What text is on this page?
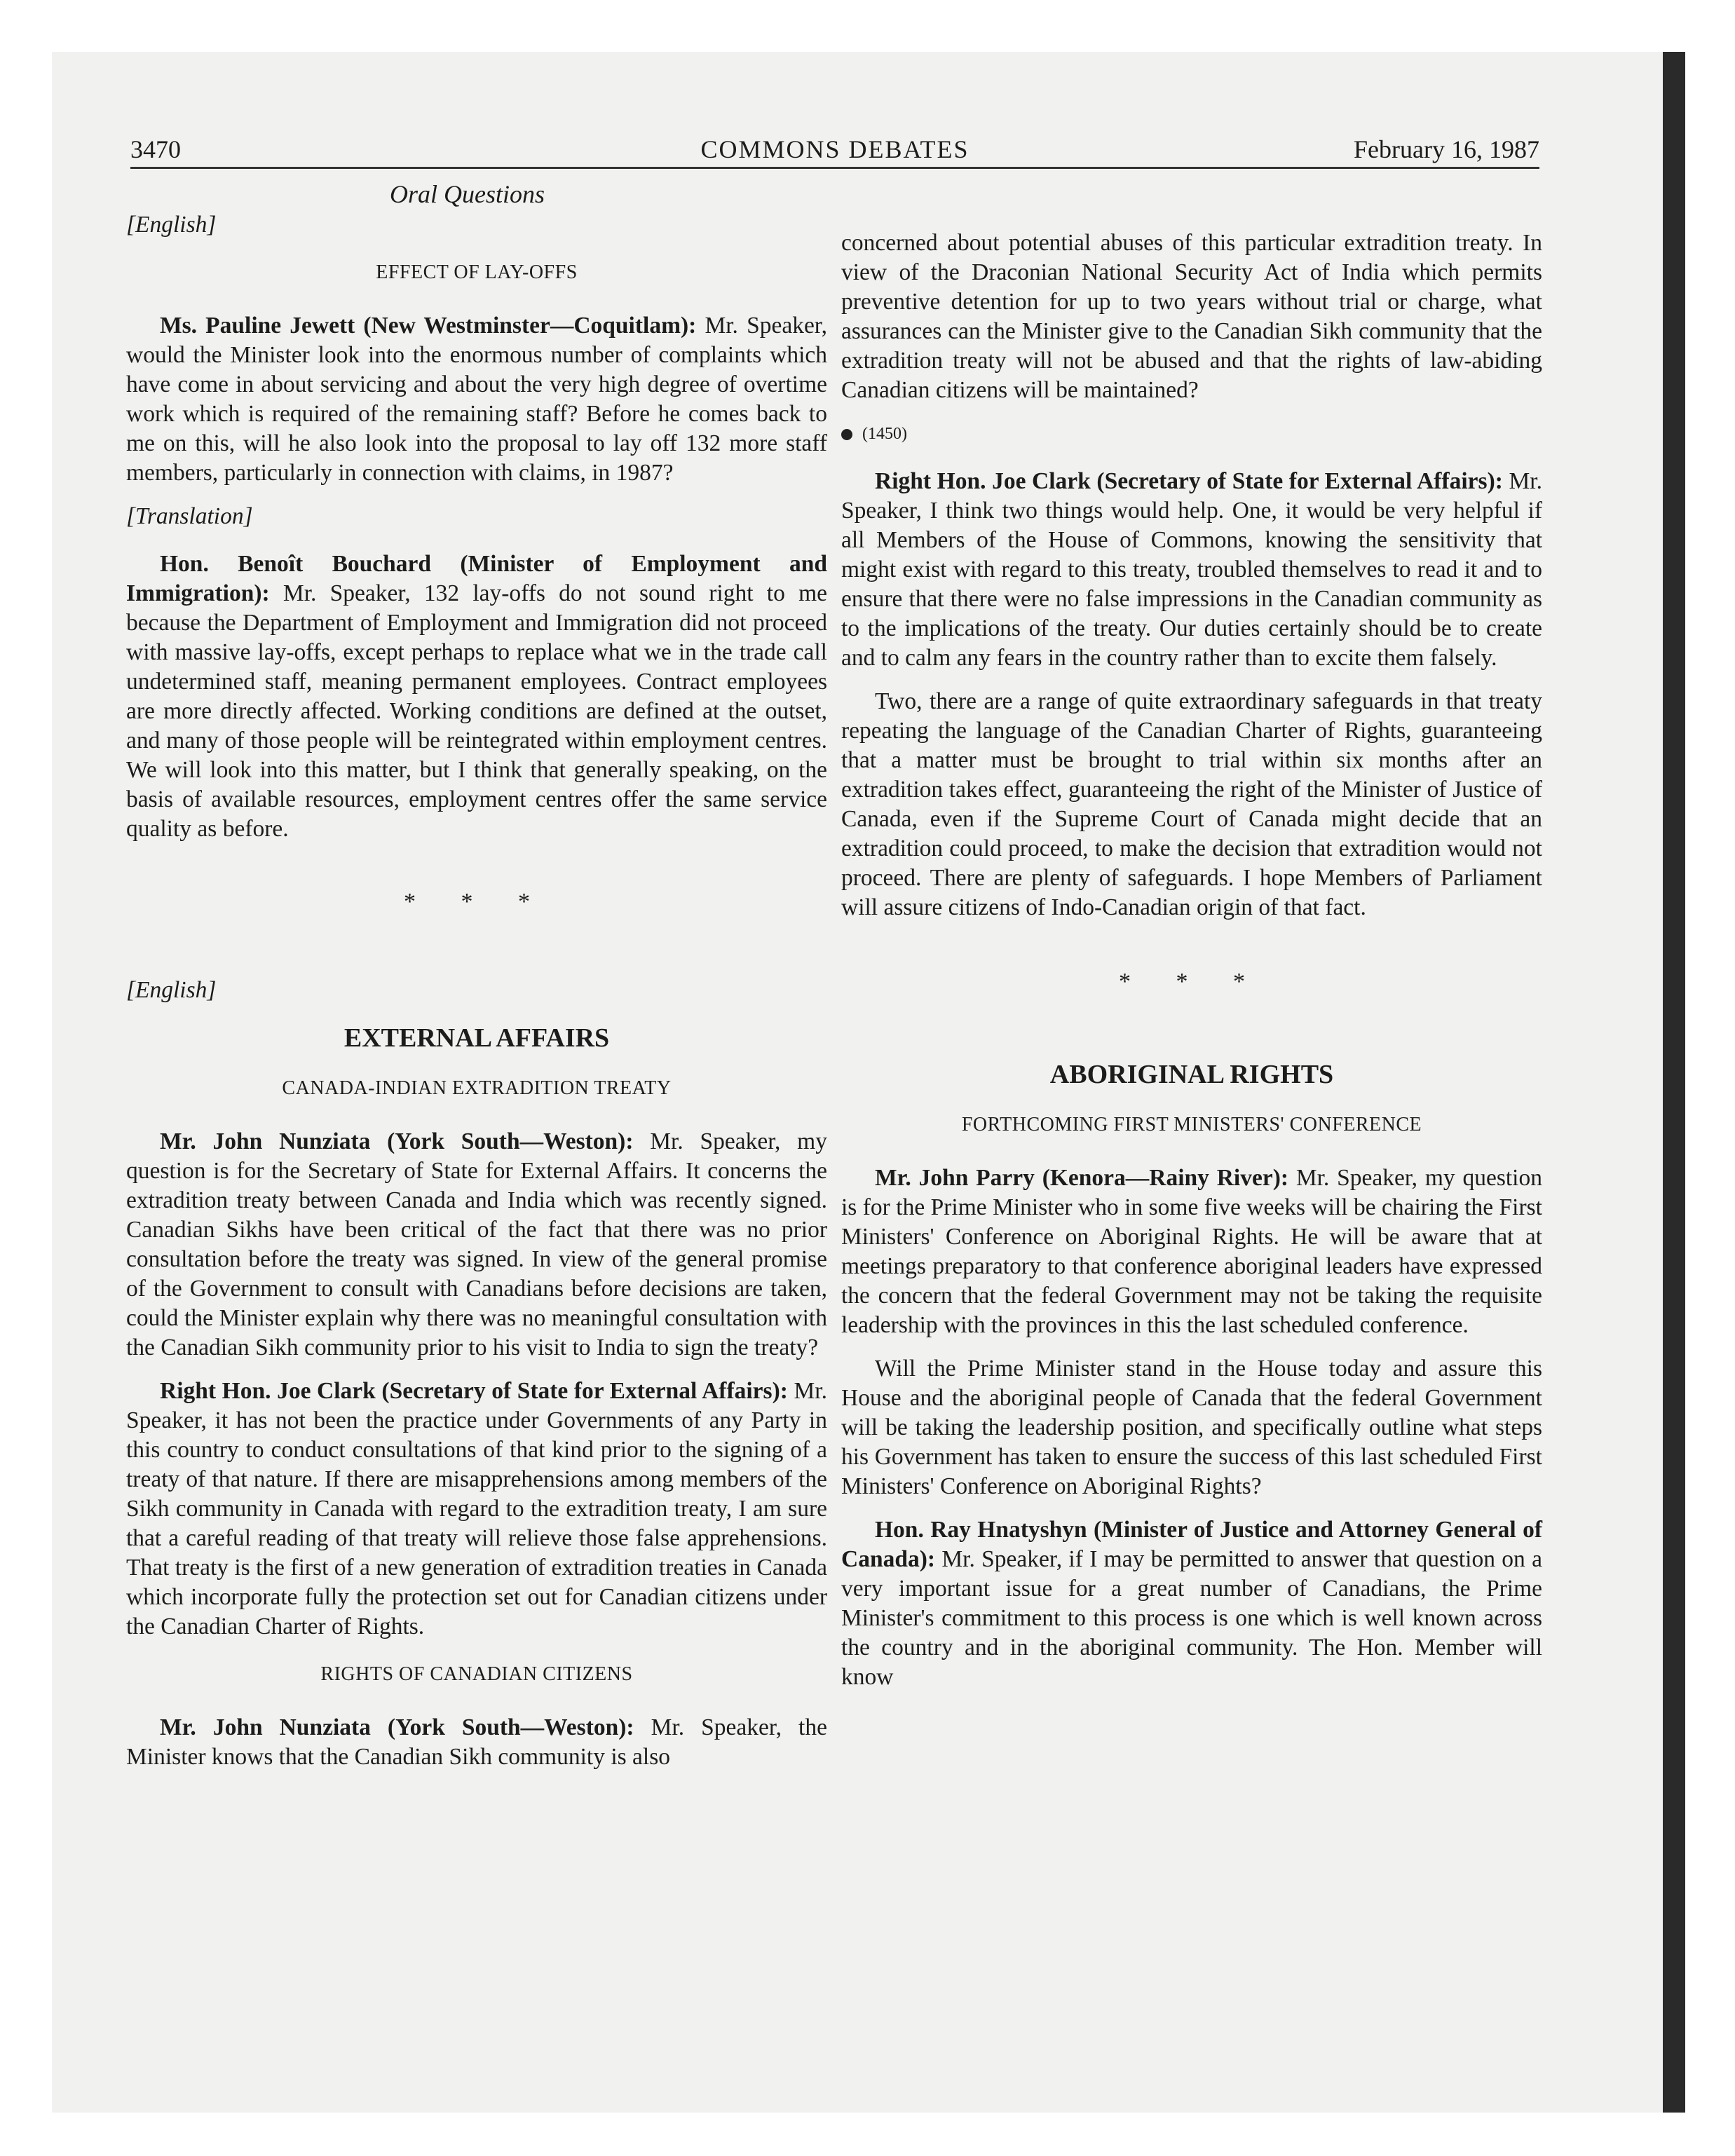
3470	COMMONS DEBATES	February 16, 1987
Oral Questions

[English]

EFFECT OF LAY-OFFS

Ms. Pauline Jewett (New Westminster—Coquitlam): Mr. Speaker, would the Minister look into the enormous number of complaints which have come in about servicing and about the very high degree of overtime work which is required of the remaining staff? Before he comes back to me on this, will he also look into the proposal to lay off 132 more staff members, particularly in connection with claims, in 1987?

[Translation]

Hon. Benoît Bouchard (Minister of Employment and Immigration): Mr. Speaker, 132 lay-offs do not sound right to me because the Department of Employment and Immigration did not proceed with massive lay-offs, except perhaps to replace what we in the trade call undetermined staff, meaning permanent employees. Contract employees are more directly affected. Working conditions are defined at the outset, and many of those people will be reintegrated within employment centres. We will look into this matter, but I think that generally speaking, on the basis of available resources, employment centres offer the same service quality as before.

* * *

[English]

EXTERNAL AFFAIRS

CANADA-INDIAN EXTRADITION TREATY

Mr. John Nunziata (York South—Weston): Mr. Speaker, my question is for the Secretary of State for External Affairs. It concerns the extradition treaty between Canada and India which was recently signed. Canadian Sikhs have been critical of the fact that there was no prior consultation before the treaty was signed. In view of the general promise of the Government to consult with Canadians before decisions are taken, could the Minister explain why there was no meaningful consultation with the Canadian Sikh community prior to his visit to India to sign the treaty?

Right Hon. Joe Clark (Secretary of State for External Affairs): Mr. Speaker, it has not been the practice under Governments of any Party in this country to conduct consultations of that kind prior to the signing of a treaty of that nature. If there are misapprehensions among members of the Sikh community in Canada with regard to the extradition treaty, I am sure that a careful reading of that treaty will relieve those false apprehensions. That treaty is the first of a new generation of extradition treaties in Canada which incorporate fully the protection set out for Canadian citizens under the Canadian Charter of Rights.

RIGHTS OF CANADIAN CITIZENS

Mr. John Nunziata (York South—Weston): Mr. Speaker, the Minister knows that the Canadian Sikh community is also

concerned about potential abuses of this particular extradition treaty. In view of the Draconian National Security Act of India which permits preventive detention for up to two years without trial or charge, what assurances can the Minister give to the Canadian Sikh community that the extradition treaty will not be abused and that the rights of law-abiding Canadian citizens will be maintained?

(1450)

Right Hon. Joe Clark (Secretary of State for External Affairs): Mr. Speaker, I think two things would help. One, it would be very helpful if all Members of the House of Commons, knowing the sensitivity that might exist with regard to this treaty, troubled themselves to read it and to ensure that there were no false impressions in the Canadian community as to the implications of the treaty. Our duties certainly should be to create and to calm any fears in the country rather than to excite them falsely.

Two, there are a range of quite extraordinary safeguards in that treaty repeating the language of the Canadian Charter of Rights, guaranteeing that a matter must be brought to trial within six months after an extradition takes effect, guaranteeing the right of the Minister of Justice of Canada, even if the Supreme Court of Canada might decide that an extradition could proceed, to make the decision that extradition would not proceed. There are plenty of safeguards. I hope Members of Parliament will assure citizens of Indo-Canadian origin of that fact.

* * *

ABORIGINAL RIGHTS

FORTHCOMING FIRST MINISTERS' CONFERENCE

Mr. John Parry (Kenora—Rainy River): Mr. Speaker, my question is for the Prime Minister who in some five weeks will be chairing the First Ministers' Conference on Aboriginal Rights. He will be aware that at meetings preparatory to that conference aboriginal leaders have expressed the concern that the federal Government may not be taking the requisite leadership with the provinces in this the last scheduled conference.

Will the Prime Minister stand in the House today and assure this House and the aboriginal people of Canada that the federal Government will be taking the leadership position, and specifically outline what steps his Government has taken to ensure the success of this last scheduled First Ministers' Conference on Aboriginal Rights?

Hon. Ray Hnatyshyn (Minister of Justice and Attorney General of Canada): Mr. Speaker, if I may be permitted to answer that question on a very important issue for a great number of Canadians, the Prime Minister's commitment to this process is one which is well known across the country and in the aboriginal community. The Hon. Member will know
